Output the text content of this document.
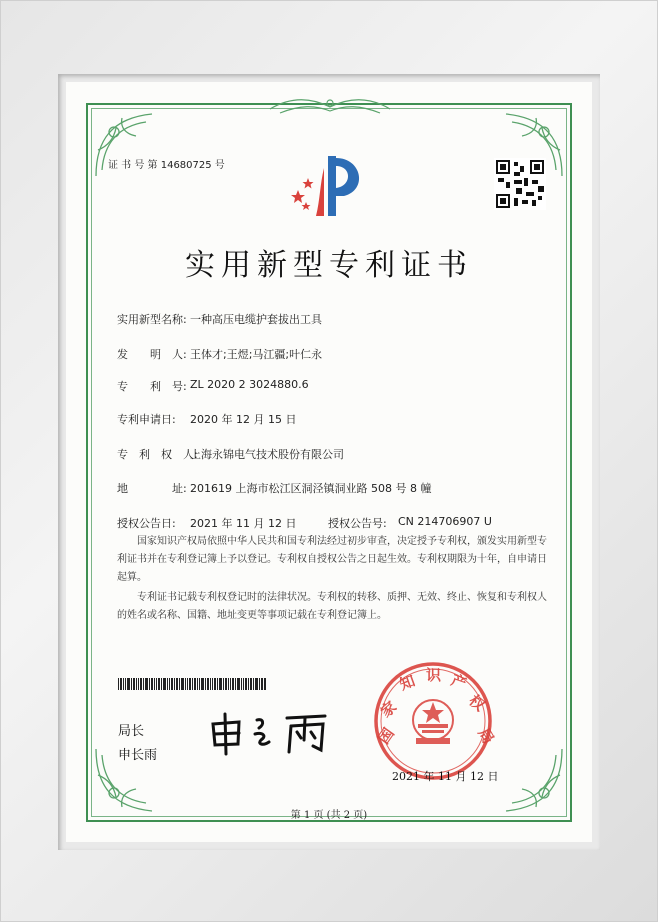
证 书 号 第 14680725 号
实用新型专利证书
实用新型名称: 一种高压电缆护套拔出工具
发　　明　人: 王体才;王煜;马江疆;叶仁永
专　　利　号: ZL 2020 2 3024880.6
专利申请日: 2020 年 12 月 15 日
专　利　权　人:
上海永锦电气技术股份有限公司
地　　　　址: 201619 上海市松江区洞泾镇洞业路 508 号 8 幢
授权公告日: 2021 年 11 月 12 日	授权公告号: CN 214706907 U

国家知识产权局依照中华人民共和国专利法经过初步审查，决定授予专利权，颁发实用新型专利证书并在专利登记簿上予以登记。专利权自授权公告之日起生效。专利权期限为十年，自申请日起算。

专利证书记载专利权登记时的法律状况。专利权的转移、质押、无效、终止、恢复和专利权人的姓名或名称、国籍、地址变更等事项记载在专利登记簿上。

局长
申长雨
国
家
知 识 产
权
局
2021 年 11 月 12 日
第 1 页 (共 2 页)
